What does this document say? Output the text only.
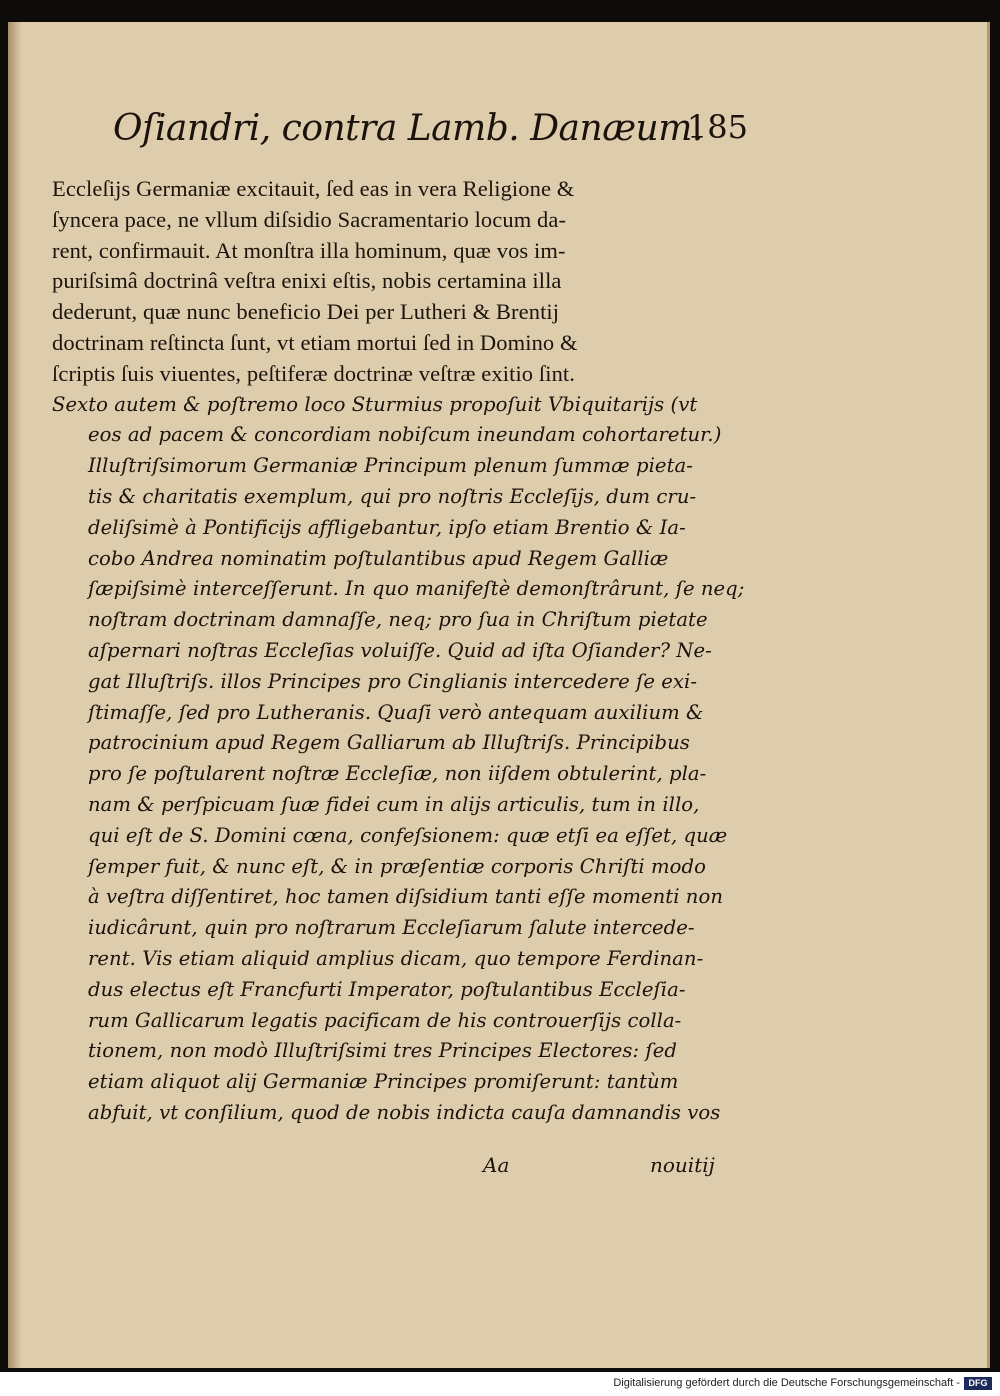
Oſiandri, contra Lamb. Danæum.
185
Eccleſijs Germaniæ excitauit, ſed eas in vera Religione &
ſyncera pace, ne vllum diſsidio Sacramentario locum da-
rent, confirmauit. At monſtra illa hominum, quæ vos im-
puriſsimâ doctrinâ veſtra enixi eſtis, nobis certamina illa
dederunt, quæ nunc beneficio Dei per Lutheri & Brentij
doctrinam reſtincta ſunt, vt etiam mortui ſed in Domino &
ſcriptis ſuis viuentes, peſtiferæ doctrinæ veſtræ exitio ſint.
Sexto autem & poſtremo loco Sturmius propoſuit Vbiquitarijs (vt
eos ad pacem & concordiam nobiſcum ineundam cohortaretur.)
Illuſtriſsimorum Germaniæ Principum plenum ſummæ pieta-
tis & charitatis exemplum, qui pro noſtris Eccleſijs, dum cru-
deliſsimè à Pontificijs affligebantur, ipſo etiam Brentio & Ia-
cobo Andrea nominatim poſtulantibus apud Regem Galliæ
ſæpiſsimè interceſſerunt. In quo manifeſtè demonſtrârunt, ſe neq;
noſtram doctrinam damnaſſe, neq; pro ſua in Chriſtum pietate
aſpernari noſtras Eccleſias voluiſſe. Quid ad iſta Oſiander? Ne-
gat Illuſtriſs. illos Principes pro Cinglianis intercedere ſe exi-
ſtimaſſe, ſed pro Lutheranis. Quaſi verò antequam auxilium &
patrocinium apud Regem Galliarum ab Illuſtriſs. Principibus
pro ſe poſtularent noſtræ Eccleſiæ, non iiſdem obtulerint, pla-
nam & perſpicuam ſuæ fidei cum in alijs articulis, tum in illo,
qui eſt de S. Domini cœna, confeſsionem: quæ etſi ea eſſet, quæ
ſemper fuit, & nunc eſt, & in præſentiæ corporis Chriſti modo
à veſtra diſſentiret, hoc tamen diſsidium tanti eſſe momenti non
iudicârunt, quin pro noſtrarum Eccleſiarum ſalute intercede-
rent. Vis etiam aliquid amplius dicam, quo tempore Ferdinan-
dus electus eſt Francfurti Imperator, poſtulantibus Eccleſia-
rum Gallicarum legatis pacificam de his controuerſijs colla-
tionem, non modò Illuſtriſsimi tres Principes Electores: ſed
etiam aliquot alij Germaniæ Principes promiſerunt: tantùm
abfuit, vt conſilium, quod de nobis indicta cauſa damnandis vos
Aa	nouitij
Digitalisierung gefördert durch die Deutsche Forschungsgemeinschaft - DFG
